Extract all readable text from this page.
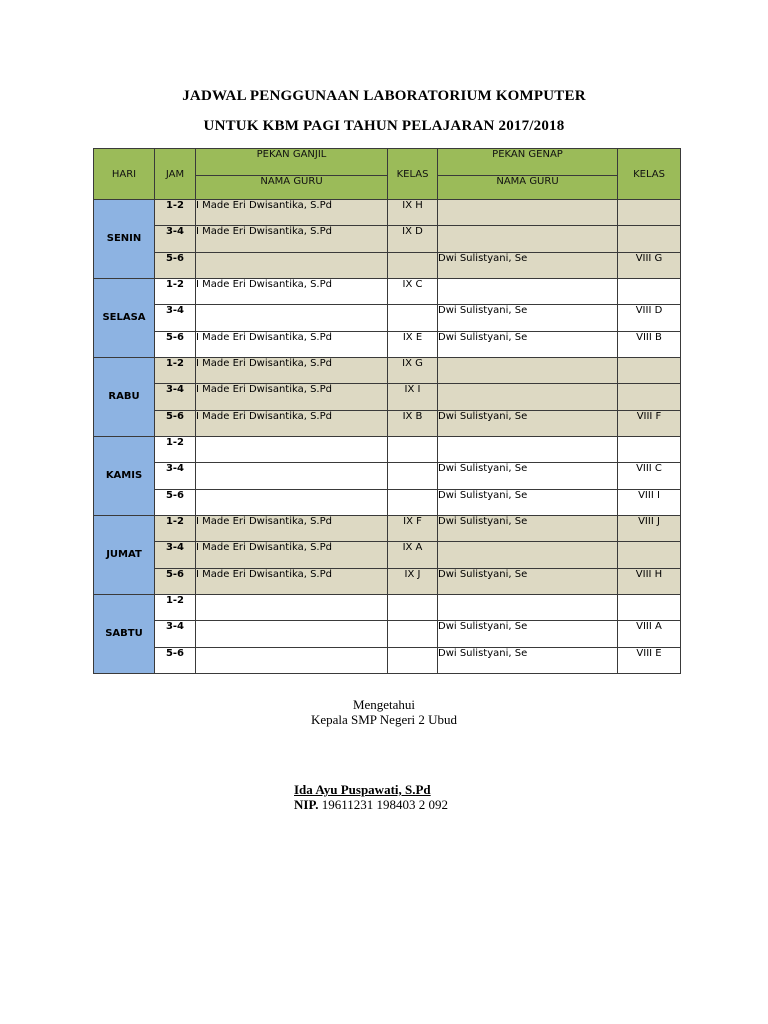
JADWAL PENGGUNAAN LABORATORIUM KOMPUTER
UNTUK KBM PAGI TAHUN PELAJARAN 2017/2018
HARI	JAM	PEKAN GANJIL	KELAS	PEKAN GENAP	KELAS
		NAMA GURU		NAMA GURU	
SENIN	1-2	I Made Eri Dwisantika, S.Pd	IX H		
	3-4	I Made Eri Dwisantika, S.Pd	IX D		
	5-6			Dwi Sulistyani, Se	VIII G
SELASA	1-2	I Made Eri Dwisantika, S.Pd	IX C		
	3-4			Dwi Sulistyani, Se	VIII D
	5-6	I Made Eri Dwisantika, S.Pd	IX E	Dwi Sulistyani, Se	VIII B
RABU	1-2	I Made Eri Dwisantika, S.Pd	IX G		
	3-4	I Made Eri Dwisantika, S.Pd	IX I		
	5-6	I Made Eri Dwisantika, S.Pd	IX B	Dwi Sulistyani, Se	VIII F
KAMIS	1-2				
	3-4			Dwi Sulistyani, Se	VIII C
	5-6			Dwi Sulistyani, Se	VIII I
JUMAT	1-2	I Made Eri Dwisantika, S.Pd	IX F	Dwi Sulistyani, Se	VIII J
	3-4	I Made Eri Dwisantika, S.Pd	IX A		
	5-6	I Made Eri Dwisantika, S.Pd	IX J	Dwi Sulistyani, Se	VIII H
SABTU	1-2				
	3-4			Dwi Sulistyani, Se	VIII A
	5-6			Dwi Sulistyani, Se	VIII E
Mengetahui
Kepala SMP Negeri 2 Ubud
Ida Ayu Puspawati, S.Pd
NIP. 19611231 198403 2 092
